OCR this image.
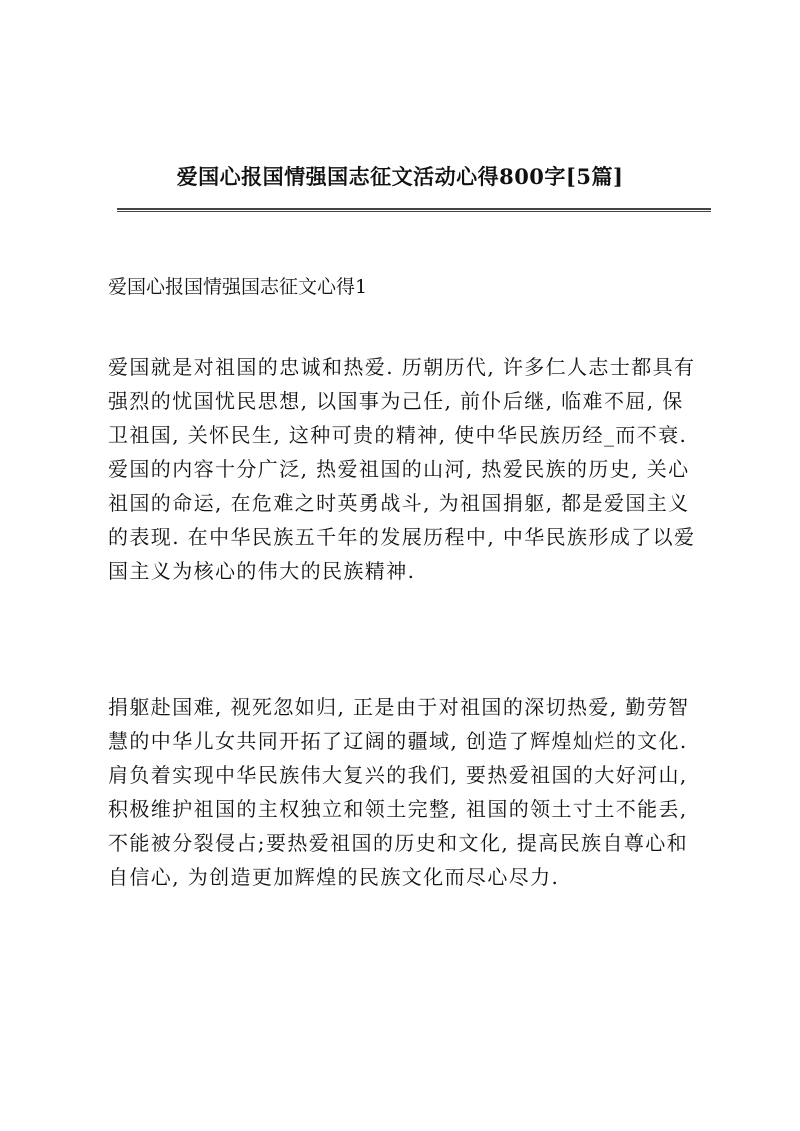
爱国心报国情强国志征文活动心得800字[5篇]
爱国心报国情强国志征文心得1
爱国就是对祖国的忠诚和热爱. 历朝历代, 许多仁人志士都具有
强烈的忧国忧民思想, 以国事为己任, 前仆后继, 临难不屈, 保
卫祖国, 关怀民生, 这种可贵的精神, 使中华民族历经_而不衰.
爱国的内容十分广泛, 热爱祖国的山河, 热爱民族的历史, 关心
祖国的命运, 在危难之时英勇战斗, 为祖国捐躯, 都是爱国主义
的表现. 在中华民族五千年的发展历程中, 中华民族形成了以爱
国主义为核心的伟大的民族精神.
捐躯赴国难, 视死忽如归, 正是由于对祖国的深切热爱, 勤劳智
慧的中华儿女共同开拓了辽阔的疆域, 创造了辉煌灿烂的文化.
肩负着实现中华民族伟大复兴的我们, 要热爱祖国的大好河山,
积极维护祖国的主权独立和领土完整, 祖国的领土寸土不能丢,
不能被分裂侵占;要热爱祖国的历史和文化, 提高民族自尊心和
自信心, 为创造更加辉煌的民族文化而尽心尽力.
